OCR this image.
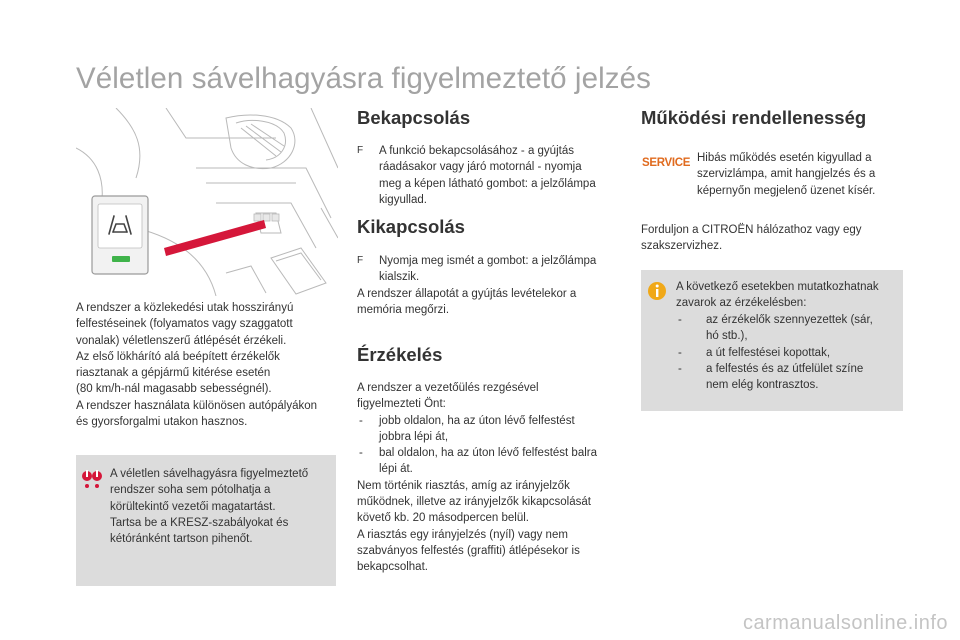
Véletlen sávelhagyásra figyelmeztető jelzés
A rendszer a közlekedési utak hosszirányú
felfestéseinek (folyamatos vagy szaggatott
vonalak) véletlenszerű átlépését érzékeli.
Az első lökhárító alá beépített érzékelők
riasztanak a gépjármű kitérése esetén
(80 km/h-nál magasabb sebességnél).
A rendszer használata különösen autópályákon
és gyorsforgalmi utakon hasznos.
A véletlen sávelhagyásra figyelmeztető
rendszer soha sem pótolhatja a
körültekintő vezetői magatartást.
Tartsa be a KRESZ-szabályokat és
kétóránként tartson pihenőt.
Bekapcsolás
F A funkció bekapcsolásához - a gyújtás
ráadásakor vagy járó motornál - nyomja
meg a képen látható gombot: a jelzőlámpa
kigyullad.
Kikapcsolás
F Nyomja meg ismét a gombot: a jelzőlámpa
kialszik.
A rendszer állapotát a gyújtás levételekor a
memória megőrzi.
Érzékelés
A rendszer a vezetőülés rezgésével
figyelmezteti Önt:
- jobb oldalon, ha az úton lévő felfestést
jobbra lépi át,
- bal oldalon, ha az úton lévő felfestést balra
lépi át.
Nem történik riasztás, amíg az irányjelzők
működnek, illetve az irányjelzők kikapcsolását
követő kb. 20 másodpercen belül.
A riasztás egy irányjelzés (nyíl) vagy nem
szabványos felfestés (graffiti) átlépésekor is
bekapcsolhat.
Működési rendellenesség
SERVICE Hibás működés esetén kigyullad a
szervizlámpa, amit hangjelzés és a
képernyőn megjelenő üzenet kísér.
Forduljon a CITROËN hálózathoz vagy egy
szakszervizhez.
A következő esetekben mutatkozhatnak
zavarok az érzékelésben:
- az érzékelők szennyezettek (sár,
hó stb.),
- a út felfestései kopottak,
- a felfestés és az útfelület színe
nem elég kontrasztos.
carmanualsonline.info
